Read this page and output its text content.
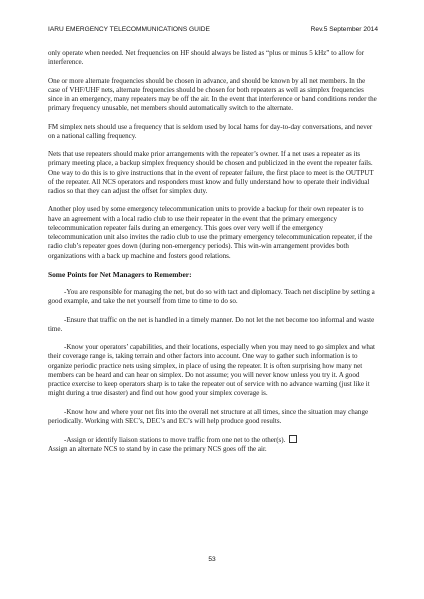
IARU EMERGENCY TELECOMMUNICATIONS GUIDE	Rev.5 September 2014

only operate when needed. Net frequencies on HF should always be listed as “plus or minus 5 kHz” to allow for interference.

One or more alternate frequencies should be chosen in advance, and should be known by all net members. In the case of VHF/UHF nets, alternate frequencies should be chosen for both repeaters as well as simplex frequencies since in an emergency, many repeaters may be off the air. In the event that interference or band conditions render the primary frequency unusable, net members should automatically switch to the alternate.

FM simplex nets should use a frequency that is seldom used by local hams for day-to-day conversations, and never on a national calling frequency.

Nets that use repeaters should make prior arrangements with the repeater’s owner. If a net uses a repeater as its primary meeting place, a backup simplex frequency should be chosen and publicized in the event the repeater fails. One way to do this is to give instructions that in the event of repeater failure, the first place to meet is the OUTPUT of the repeater. All NCS operators and responders must know and fully understand how to operate their individual radios so that they can adjust the offset for simplex duty.

Another ploy used by some emergency telecommunication units to provide a backup for their own repeater is to have an agreement with a local radio club to use their repeater in the event that the primary emergency telecommunication repeater fails during an emergency. This goes over very well if the emergency telecommunication unit also invites the radio club to use the primary emergency telecommunication repeater, if the radio club’s repeater goes down (during non-emergency periods). This win-win arrangement provides both organizations with a back up machine and fosters good relations.

Some Points for Net Managers to Remember:

-You are responsible for managing the net, but do so with tact and diplomacy. Teach net discipline by setting a good example, and take the net yourself from time to time to do so.

-Ensure that traffic on the net is handled in a timely manner. Do not let the net become too informal and waste time.

-Know your operators’ capabilities, and their locations, especially when you may need to go simplex and what their coverage range is, taking terrain and other factors into account. One way to gather such information is to organize periodic practice nets using simplex, in place of using the repeater. It is often surprising how many net members can be heard and can hear on simplex. Do not assume; you will never know unless you try it. A good practice exercise to keep operators sharp is to take the repeater out of service with no advance warning (just like it might during a true disaster) and find out how good your simplex coverage is.

-Know how and where your net fits into the overall net structure at all times, since the situation may change periodically. Working with SEC’s, DEC’s and EC’s will help produce good results.

-Assign or identify liaison stations to move traffic from one net to the other(s).
Assign an alternate NCS to stand by in case the primary NCS goes off the air.

53
